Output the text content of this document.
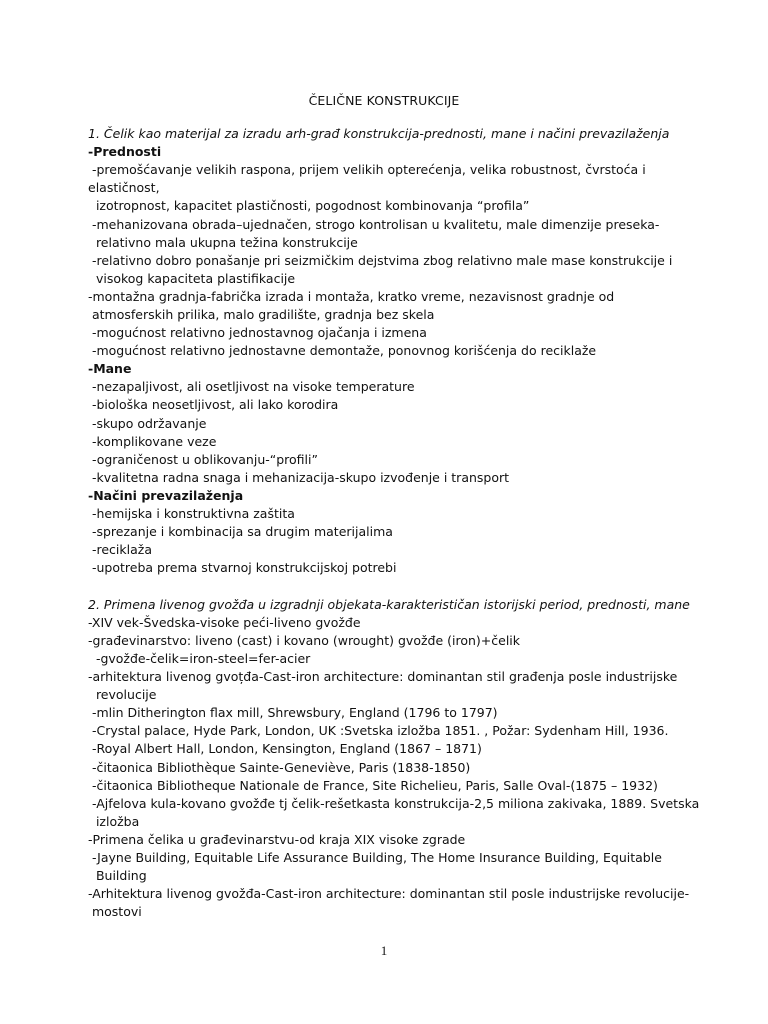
ČELIČNE KONSTRUKCIJE
1. Čelik kao materijal za izradu arh-građ konstrukcija-prednosti, mane i načini prevazilaženja
-Prednosti
-premošćavanje velikih raspona, prijem velikih opterećenja, velika robustnost, čvrstoća i
elastičnost,
izotropnost, kapacitet plastičnosti, pogodnost kombinovanja “profila”
-mehanizovana obrada–ujednačen, strogo kontrolisan u kvalitetu, male dimenzije preseka-
relativno mala ukupna težina konstrukcije
-relativno dobro ponašanje pri seizmičkim dejstvima zbog relativno male mase konstrukcije i
visokog kapaciteta plastifikacije
-montažna gradnja-fabrička izrada i montaža, kratko vreme, nezavisnost gradnje od
atmosferskih prilika, malo gradilište, gradnja bez skela
-mogućnost relativno jednostavnog ojačanja i izmena
-mogućnost relativno jednostavne demontaže, ponovnog korišćenja do reciklaže
-Mane
-nezapaljivost, ali osetljivost na visoke temperature
-biološka neosetljivost, ali lako korodira
-skupo održavanje
-komplikovane veze
-ograničenost u oblikovanju-“profili”
-kvalitetna radna snaga i mehanizacija-skupo izvođenje i transport
-Načini prevazilaženja
-hemijska i konstruktivna zaštita
-sprezanje i kombinacija sa drugim materijalima
-reciklaža
-upotreba prema stvarnoj konstrukcijskoj potrebi
2. Primena livenog gvožđa u izgradnji objekata-karakterističan istorijski period, prednosti, mane
-XIV vek-Švedska-visoke peći-liveno gvožđe
-građevinarstvo: liveno (cast) i kovano (wrought) gvožđe (iron)+čelik
-gvožđe-čelik=iron-steel=fer-acier
-arhitektura livenog gvoțđa-Cast-iron architecture: dominantan stil građenja posle industrijske
revolucije
-mlin Ditherington flax mill, Shrewsbury, England (1796 to 1797)
-Crystal palace, Hyde Park, London, UK :Svetska izložba 1851. , Požar: Sydenham Hill, 1936.
-Royal Albert Hall, London, Kensington, England (1867 – 1871)
-čitaonica Bibliothèque Sainte-Geneviève, Paris (1838-1850)
-čitaonica Bibliotheque Nationale de France, Site Richelieu, Paris, Salle Oval-(1875 – 1932)
-Ajfelova kula-kovano gvožđe tj čelik-rešetkasta konstrukcija-2,5 miliona zakivaka, 1889. Svetska
izložba
-Primena čelika u građevinarstvu-od kraja XIX visoke zgrade
-Jayne Building, Equitable Life Assurance Building, The Home Insurance Building, Equitable
Building
-Arhitektura livenog gvožđa-Cast-iron architecture: dominantan stil posle industrijske revolucije-
mostovi
1
